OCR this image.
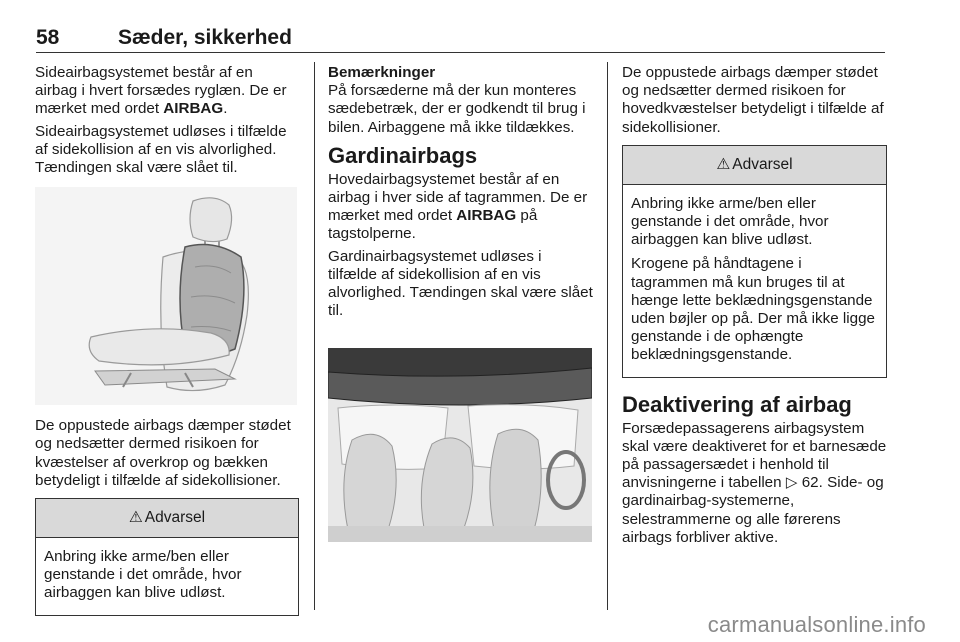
58	Sæder, sikkerhed

Sideairbagsystemet består af en airbag i hvert forsædes ryglæn. De er mærket med ordet AIRBAG.

Sideairbagsystemet udløses i tilfælde af sidekollision af en vis alvorlighed. Tændingen skal være slået til.

De oppustede airbags dæmper stødet og nedsætter dermed risikoen for kvæstelser af overkrop og bækken betydeligt i tilfælde af sidekollisioner.

⚠ Advarsel

Anbring ikke arme/ben eller genstande i det område, hvor airbaggen kan blive udløst.

Bemærkninger

På forsæderne må der kun monteres sædebetræk, der er godkendt til brug i bilen. Airbaggene må ikke tildækkes.

Gardinairbags

Hovedairbagsystemet består af en airbag i hver side af tagrammen. De er mærket med ordet AIRBAG på tagstolperne.

Gardinairbagsystemet udløses i tilfælde af sidekollision af en vis alvorlighed. Tændingen skal være slået til.

De oppustede airbags dæmper stødet og nedsætter dermed risikoen for hovedkvæstelser betydeligt i tilfælde af sidekollisioner.

⚠ Advarsel

Anbring ikke arme/ben eller genstande i det område, hvor airbaggen kan blive udløst.

Krogene på håndtagene i tagrammen må kun bruges til at hænge lette beklædningsgenstande uden bøjler op på. Der må ikke ligge genstande i de ophængte beklædningsgenstande.

Deaktivering af airbag

Forsædepassagerens airbagsystem skal være deaktiveret for et barnesæde på passagersædet i henhold til anvisningerne i tabellen ▷ 62. Side- og gardinairbag-systemerne, selestrammerne og alle førerens airbags forbliver aktive.

carmanualsonline.info
